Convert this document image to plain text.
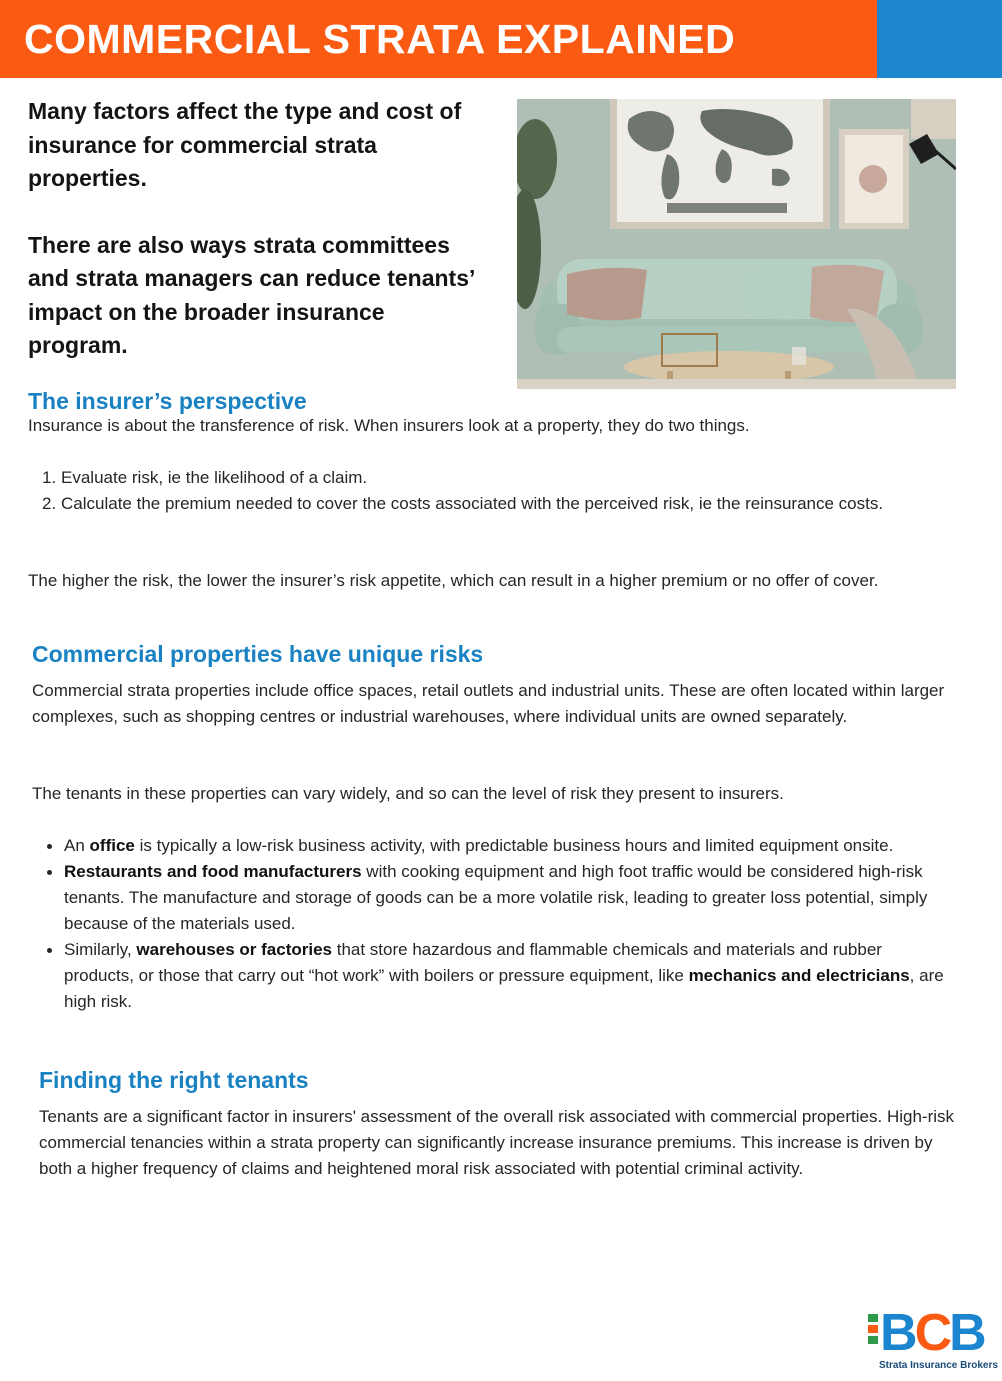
COMMERCIAL STRATA EXPLAINED

Many factors affect the type and cost of insurance for commercial strata properties.

There are also ways strata committees and strata managers can reduce tenants’ impact on the broader insurance program.

The insurer’s perspective

Insurance is about the transference of risk. When insurers look at a property, they do two things.

1. Evaluate risk, ie the likelihood of a claim.
2. Calculate the premium needed to cover the costs associated with the perceived risk, ie the reinsurance costs.

The higher the risk, the lower the insurer’s risk appetite, which can result in a higher premium or no offer of cover.

Commercial properties have unique risks

Commercial strata properties include office spaces, retail outlets and industrial units. These are often located within larger complexes, such as shopping centres or industrial warehouses, where individual units are owned separately.

The tenants in these properties can vary widely, and so can the level of risk they present to insurers.

An office is typically a low-risk business activity, with predictable business hours and limited equipment onsite.
Restaurants and food manufacturers with cooking equipment and high foot traffic would be considered high-risk tenants. The manufacture and storage of goods can be a more volatile risk, leading to greater loss potential, simply because of the materials used.
Similarly, warehouses or factories that store hazardous and flammable chemicals and materials and rubber products, or those that carry out “hot work” with boilers or pressure equipment, like mechanics and electricians, are high risk.
Finding the right tenants

Tenants are a significant factor in insurers' assessment of the overall risk associated with commercial properties. High-risk commercial tenancies within a strata property can significantly increase insurance premiums. This increase is driven by both a higher frequency of claims and heightened moral risk associated with potential criminal activity.

BCB
Strata Insurance Brokers
